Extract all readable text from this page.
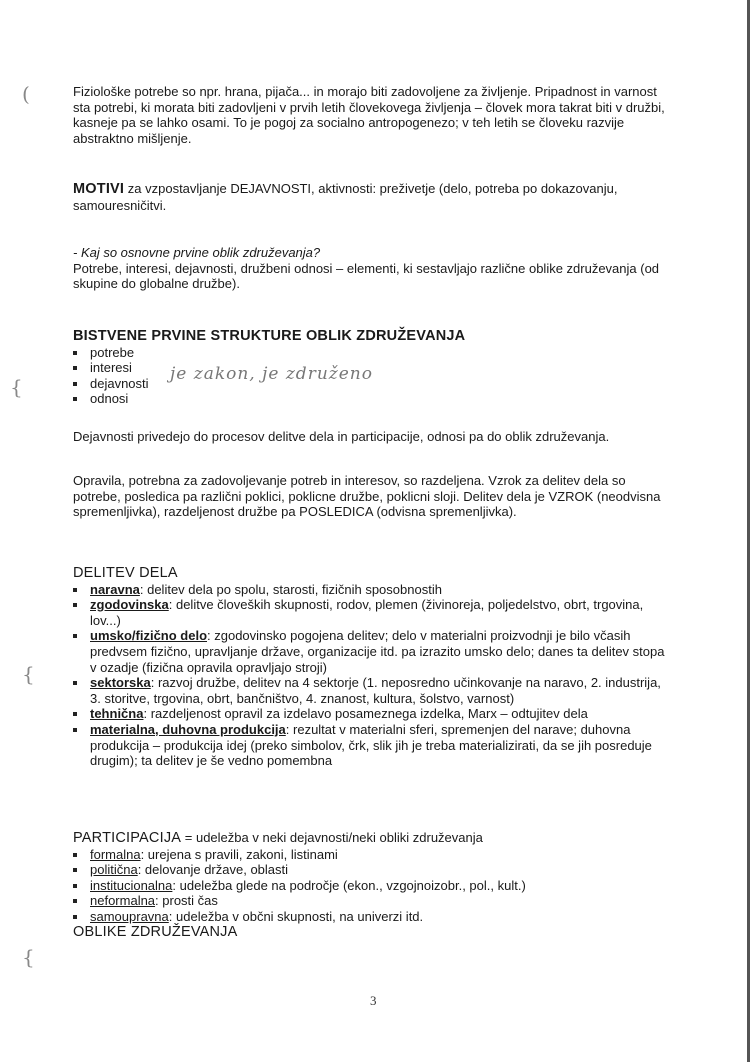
(
{
{
{
Fiziološke potrebe so npr. hrana, pijača... in morajo biti zadovoljene za življenje. Pripadnost in varnost sta potrebi, ki morata biti zadovljeni v prvih letih človekovega življenja – človek mora takrat biti v družbi, kasneje pa se lahko osami. To je pogoj za socialno antropogenezo; v teh letih se človeku razvije abstraktno mišljenje.
MOTIVI za vzpostavljanje DEJAVNOSTI, aktivnosti: preživetje (delo, potreba po dokazovanju, samouresničitvi.
- Kaj so osnovne prvine oblik združevanja?
Potrebe, interesi, dejavnosti, družbeni odnosi – elementi, ki sestavljajo različne oblike združevanja (od skupine do globalne družbe).
BISTVENE PRVINE STRUKTURE OBLIK ZDRUŽEVANJA
potrebe
interesi
dejavnosti
odnosi
je zakon, je združeno
Dejavnosti privedejo do procesov delitve dela in participacije, odnosi pa do oblik združevanja.
Opravila, potrebna za zadovoljevanje potreb in interesov, so razdeljena. Vzrok za delitev dela so potrebe, posledica pa različni poklici, poklicne družbe, poklicni sloji. Delitev dela je VZROK (neodvisna spremenljivka), razdeljenost družbe pa POSLEDICA (odvisna spremenljivka).
DELITEV DELA
naravna: delitev dela po spolu, starosti, fizičnih sposobnostih
zgodovinska: delitve človeških skupnosti, rodov, plemen (živinoreja, poljedelstvo, obrt, trgovina, lov...)
umsko/fizično delo: zgodovinsko pogojena delitev; delo v materialni proizvodnji je bilo včasih predvsem fizično, upravljanje države, organizacije itd. pa izrazito umsko delo; danes ta delitev stopa v ozadje (fizična opravila opravljajo stroji)
sektorska: razvoj družbe, delitev na 4 sektorje (1. neposredno učinkovanje na naravo, 2. industrija, 3. storitve, trgovina, obrt, bančništvo, 4. znanost, kultura, šolstvo, varnost)
tehnična: razdeljenost opravil za izdelavo posameznega izdelka, Marx – odtujitev dela
materialna, duhovna produkcija: rezultat v materialni sferi, spremenjen del narave; duhovna produkcija – produkcija idej (preko simbolov, črk, slik jih je treba materializirati, da se jih posreduje drugim); ta delitev je še vedno pomembna
PARTICIPACIJA = udeležba v neki dejavnosti/neki obliki združevanja
formalna: urejena s pravili, zakoni, listinami
politična: delovanje države, oblasti
institucionalna: udeležba glede na področje (ekon., vzgojnoizobr., pol., kult.)
neformalna: prosti čas
samoupravna: udeležba v občni skupnosti, na univerzi itd.
OBLIKE ZDRUŽEVANJA
3
